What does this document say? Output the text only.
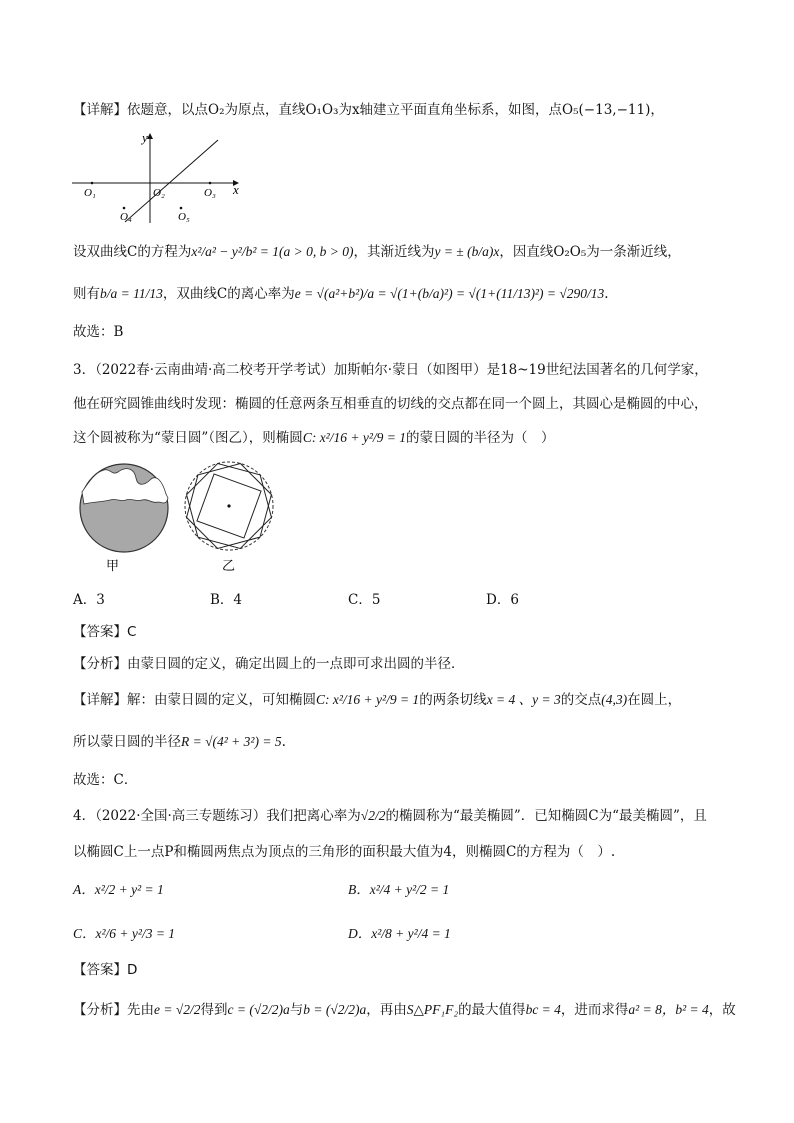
【详解】依题意，以点O₂为原点，直线O₁O₃为x轴建立平面直角坐标系，如图，点O₅(−13,−11)，
x
y
O₁	O₂	O₃
O₄	O₅
设双曲线C的方程为x²/a² − y²/b² = 1(a > 0, b > 0)，其渐近线为y = ± (b/a)x，因直线O₂O₅为一条渐近线，
则有b/a = 11/13，双曲线C的离心率为e = √(a²+b²)/a = √(1+(b/a)²) = √(1+(11/13)²) = √290/13.
故选：B
3．（2022春·云南曲靖·高二校考开学考试）加斯帕尔·蒙日（如图甲）是18~19世纪法国著名的几何学家，
他在研究圆锥曲线时发现：椭圆的任意两条互相垂直的切线的交点都在同一个圆上，其圆心是椭圆的中心，
这个圆被称为“蒙日圆”（图乙），则椭圆C: x²/16 + y²/9 = 1的蒙日圆的半径为（　）
甲	乙
A．3	B．4	C．5	D．6
【答案】C
【分析】由蒙日圆的定义，确定出圆上的一点即可求出圆的半径．
【详解】解：由蒙日圆的定义，可知椭圆C: x²/16 + y²/9 = 1的两条切线x = 4 、y = 3的交点(4,3)在圆上，
所以蒙日圆的半径R = √(4² + 3²) = 5.
故选：C．
4．（2022·全国·高三专题练习）我们把离心率为√2/2的椭圆称为“最美椭圆”．已知椭圆C为“最美椭圆”，且
以椭圆C上一点P和椭圆两焦点为顶点的三角形的面积最大值为4，则椭圆C的方程为（　）.
A．x²/2 + y² = 1	B．x²/4 + y²/2 = 1
C．x²/6 + y²/3 = 1	D．x²/8 + y²/4 = 1
【答案】D
【分析】先由e = √2/2得到c = (√2/2)a与b = (√2/2)a，再由S△PF₁F₂的最大值得bc = 4，进而求得a² = 8，b² = 4，故
